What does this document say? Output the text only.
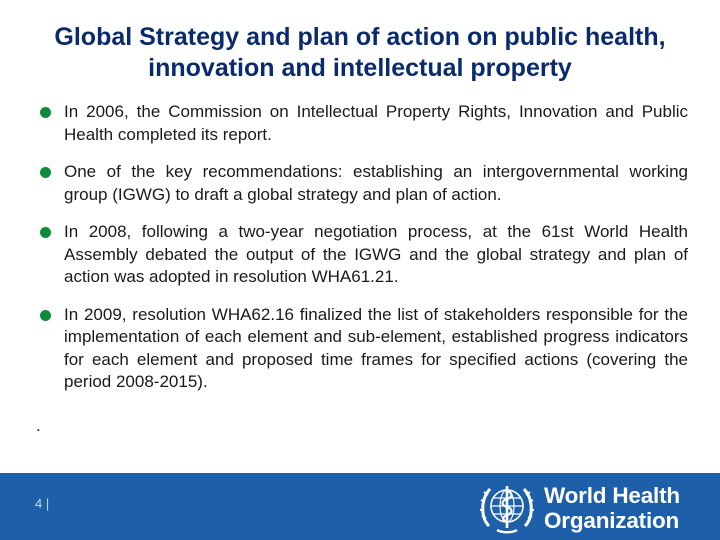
Global Strategy and plan of action on public health,
innovation and intellectual property
In 2006, the Commission on Intellectual Property Rights, Innovation and Public Health completed its report.
One of the key recommendations: establishing an intergovernmental working group (IGWG) to draft a global strategy and plan of action.
In 2008, following a two-year negotiation process, at the 61st World Health Assembly debated the output of the IGWG and the global strategy and plan of action was adopted in resolution WHA61.21.
In 2009, resolution WHA62.16 finalized the list of stakeholders responsible for the implementation of each element and sub-element, established progress indicators for each element and proposed time frames for specified actions (covering the period 2008-2015).
.
4 |	World Health
Organization
